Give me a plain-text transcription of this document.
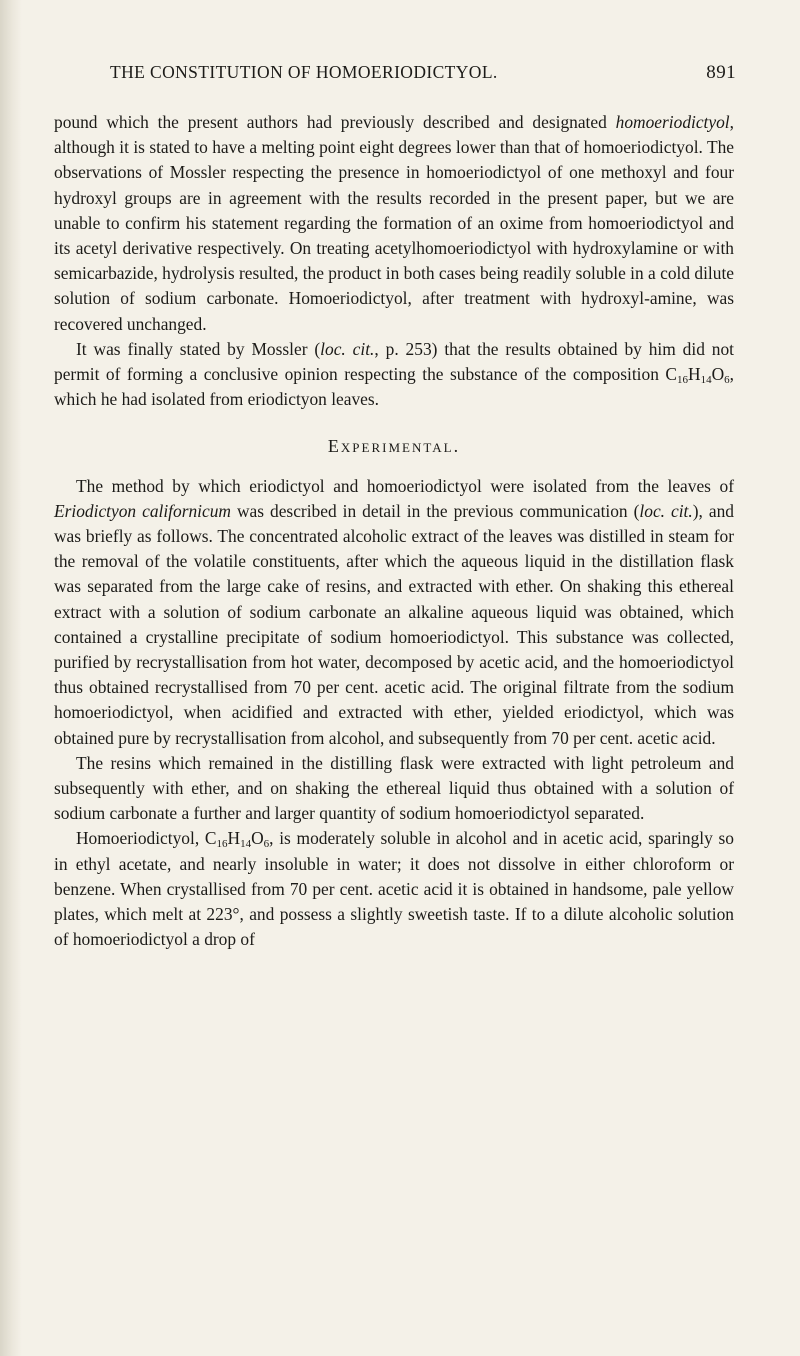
THE CONSTITUTION OF HOMOERIODICTYOL.	891

pound which the present authors had previously described and designated homoeriodictyol, although it is stated to have a melting point eight degrees lower than that of homoeriodictyol. The observations of Mossler respecting the presence in homoeriodictyol of one methoxyl and four hydroxyl groups are in agreement with the results recorded in the present paper, but we are unable to confirm his statement regarding the formation of an oxime from homoeriodictyol and its acetyl derivative respectively. On treating acetylhomoeriodictyol with hydroxylamine or with semicarbazide, hydrolysis resulted, the product in both cases being readily soluble in a cold dilute solution of sodium carbonate. Homoeriodictyol, after treatment with hydroxyl-amine, was recovered unchanged.

It was finally stated by Mossler (loc. cit., p. 253) that the results obtained by him did not permit of forming a conclusive opinion respecting the substance of the composition $C_{16}H_{14}O_6$, which he had isolated from eriodictyon leaves.

Experimental.

The method by which eriodictyol and homoeriodictyol were isolated from the leaves of Eriodictyon californicum was described in detail in the previous communication (loc. cit.), and was briefly as follows. The concentrated alcoholic extract of the leaves was distilled in steam for the removal of the volatile constituents, after which the aqueous liquid in the distillation flask was separated from the large cake of resins, and extracted with ether. On shaking this ethereal extract with a solution of sodium carbonate an alkaline aqueous liquid was obtained, which contained a crystalline precipitate of sodium homoeriodictyol. This substance was collected, purified by recrystallisation from hot water, decomposed by acetic acid, and the homoeriodictyol thus obtained recrystallised from 70 per cent. acetic acid. The original filtrate from the sodium homoeriodictyol, when acidified and extracted with ether, yielded eriodictyol, which was obtained pure by recrystallisation from alcohol, and subsequently from 70 per cent. acetic acid.

The resins which remained in the distilling flask were extracted with light petroleum and subsequently with ether, and on shaking the ethereal liquid thus obtained with a solution of sodium carbonate a further and larger quantity of sodium homoeriodictyol separated.

Homoeriodictyol, $C_{16}H_{14}O_6$, is moderately soluble in alcohol and in acetic acid, sparingly so in ethyl acetate, and nearly insoluble in water; it does not dissolve in either chloroform or benzene. When crystallised from 70 per cent. acetic acid it is obtained in handsome, pale yellow plates, which melt at 223°, and possess a slightly sweetish taste. If to a dilute alcoholic solution of homoeriodictyol a drop of
